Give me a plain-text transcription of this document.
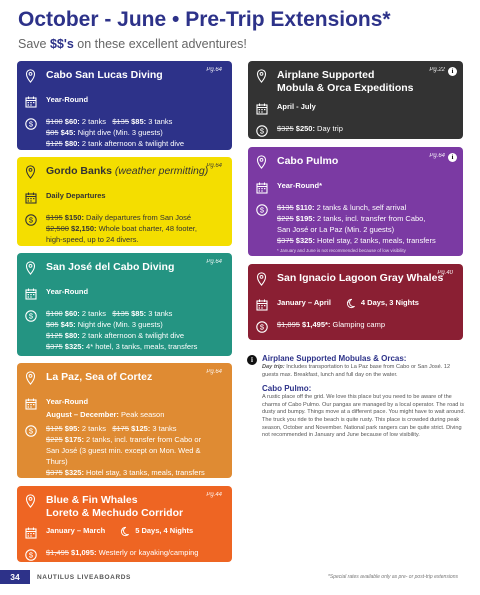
October - June • Pre-Trip Extensions*
Save $$'s on these excellent adventures!
Pg.64
Cabo San Lucas Diving
Year-Round
$100 $60: 2 tanks $135 $85: 3 tanks
$85 $45: Night dive (Min. 3 guests)
$125 $80: 2 tank afternoon & twilight dive
Pg.64
Gordo Banks (weather permitting)
Daily Departures
$195 $150: Daily departures from San José
$2,500 $2,150: Whole boat charter, 48 footer,
high-speed, up to 24 divers.
Pg.64
San José del Cabo Diving
Year-Round
$100 $60: 2 tanks $135 $85: 3 tanks
$85 $45: Night dive (Min. 3 guests)
$125 $80: 2 tank afternoon & twilight dive
$375 $325: 4* hotel, 3 tanks, meals, transfers
Pg.64
La Paz, Sea of Cortez
Year-Round
August – December: Peak season
$125 $95: 2 tanks $175 $125: 3 tanks
$225 $175: 2 tanks, incl. transfer from Cabo or
San José (3 guest min. except on Mon. Wed & Thurs)
$375 $325: Hotel stay, 3 tanks, meals, transfers
Pg.44
Blue & Fin Whales
Loreto & Mechudo Corridor
January – March	5 Days, 4 Nights
$1,495 $1,095: Westerly or kayaking/camping
Pg.22	i
Airplane Supported
Mobula & Orca Expeditions
April - July
$325 $250: Day trip
Pg.64	i
Cabo Pulmo
Year-Round*
$135 $110: 2 tanks & lunch, self arrival
$225 $195: 2 tanks, incl. transfer from Cabo,
San José or La Paz (Min. 2 guests)
$375 $325: Hotel stay, 2 tanks, meals, transfers
* January and June is not recommended because of low visibility
Pg.40
San Ignacio Lagoon Gray Whales
January – April	4 Days, 3 Nights
$1,895 $1,495*: Glamping camp
*Plus $590 private charter flight
i	Airplane Supported Mobulas & Orcas:
Day trip: Includes transportation to La Paz base from Cabo or San José. 12 guests max. Breakfast, lunch and full day on the water.
Cabo Pulmo:
A rustic place off the grid. We love this place but you need to be aware of the charms of Cabo Pulmo. Our pangas are managed by a local operator. The road is dusty and bumpy. Things move at a different pace. You might have to wait around. The truck you ride to the beach is quite rusty. This place is crowded during peak season, October and November. National park rangers can be quite strict. Diving not recommended in January and June because of low visibility.
34	NAUTILUS LIVEABOARDS	*Special rates available only as pre- or post-trip extensions
